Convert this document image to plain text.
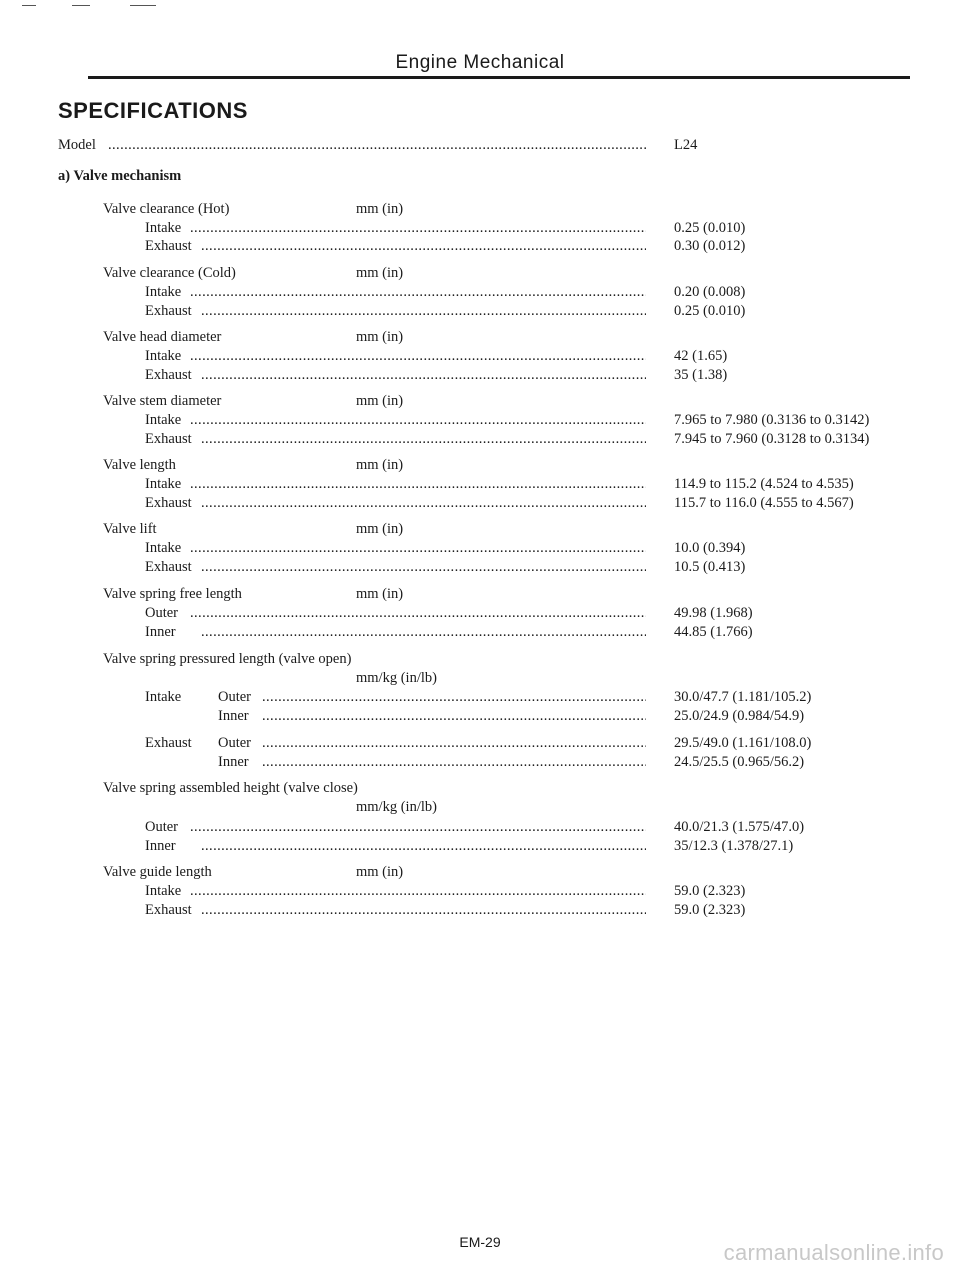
Engine Mechanical
SPECIFICATIONS
Model .....	L24
a) Valve mechanism
Valve clearance (Hot)	mm (in)
Intake .....	0.25 (0.010)
Exhaust .....	0.30 (0.012)
Valve clearance (Cold)	mm (in)
Intake .....	0.20 (0.008)
Exhaust .....	0.25 (0.010)
Valve head diameter	mm (in)
Intake .....	42 (1.65)
Exhaust .....	35 (1.38)
Valve stem diameter	mm (in)
Intake .....	7.965 to 7.980 (0.3136 to 0.3142)
Exhaust .....	7.945 to 7.960 (0.3128 to 0.3134)
Valve length	mm (in)
Intake .....	114.9 to 115.2 (4.524 to 4.535)
Exhaust .....	115.7 to 116.0 (4.555 to 4.567)
Valve lift	mm (in)
Intake .....	10.0 (0.394)
Exhaust .....	10.5 (0.413)
Valve spring free length	mm (in)
Outer .....	49.98 (1.968)
Inner .....	44.85 (1.766)
Valve spring pressured length (valve open)
mm/kg (in/lb)
Intake	Outer .....	30.0/47.7 (1.181/105.2)
Inner .....	25.0/24.9 (0.984/54.9)
Exhaust Outer .....	29.5/49.0 (1.161/108.0)
Inner .....	24.5/25.5 (0.965/56.2)
Valve spring assembled height (valve close)
mm/kg (in/lb)
Outer .....	40.0/21.3 (1.575/47.0)
Inner .....	35/12.3 (1.378/27.1)
Valve guide length	mm (in)
Intake .....	59.0 (2.323)
Exhaust .....	59.0 (2.323)
EM-29	carmanualsonline.info
